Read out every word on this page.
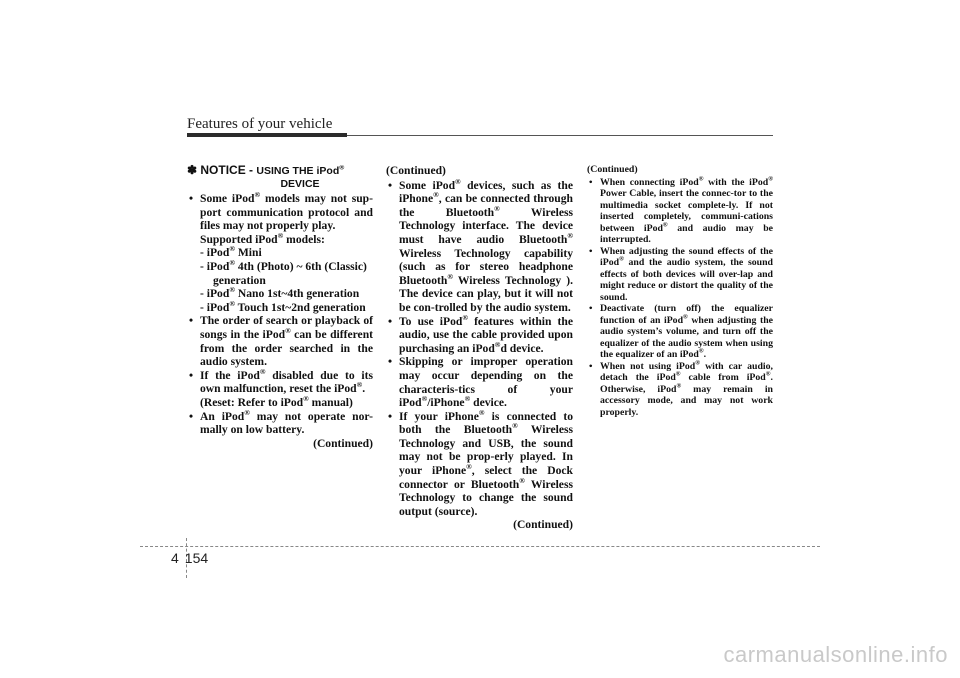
Features of your vehicle
✽ NOTICE - USING THE iPod®
DEVICE
• Some iPod® models may not sup-port communication protocol and files may not properly play.
Supported iPod® models:
- iPod® Mini
- iPod® 4th (Photo) ~ 6th (Classic)
generation
- iPod® Nano 1st~4th generation
- iPod® Touch 1st~2nd generation
• The order of search or playback of songs in the iPod® can be different from the order searched in the audio system.
• If the iPod® disabled due to its own malfunction, reset the iPod®.
(Reset: Refer to iPod® manual)
• An iPod® may not operate nor-mally on low battery.
(Continued)
(Continued)
• Some iPod® devices, such as the iPhone®, can be connected through the Bluetooth® Wireless Technology interface. The device must have audio Bluetooth® Wireless Technology capability (such as for stereo headphone Bluetooth® Wireless Technology ). The device can play, but it will not be con-trolled by the audio system.
• To use iPod® features within the audio, use the cable provided upon purchasing an iPod®d device.
• Skipping or improper operation may occur depending on the characteris-tics of your iPod®/iPhone® device.
• If your iPhone® is connected to both the Bluetooth® Wireless Technology and USB, the sound may not be prop-erly played. In your iPhone®, select the Dock connector or Bluetooth® Wireless Technology to change the sound output (source).
(Continued)
(Continued)
• When connecting iPod® with the iPod® Power Cable, insert the connec-tor to the multimedia socket complete-ly. If not inserted completely, communi-cations between iPod® and audio may be interrupted.
• When adjusting the sound effects of the iPod® and the audio system, the sound effects of both devices will over-lap and might reduce or distort the quality of the sound.
• Deactivate (turn off) the equalizer function of an iPod® when adjusting the audio system’s volume, and turn off the equalizer of the audio system when using the equalizer of an iPod®.
• When not using iPod® with car audio, detach the iPod® cable from iPod®. Otherwise, iPod® may remain in accessory mode, and may not work properly.
4 154
carmanualsonline.info
